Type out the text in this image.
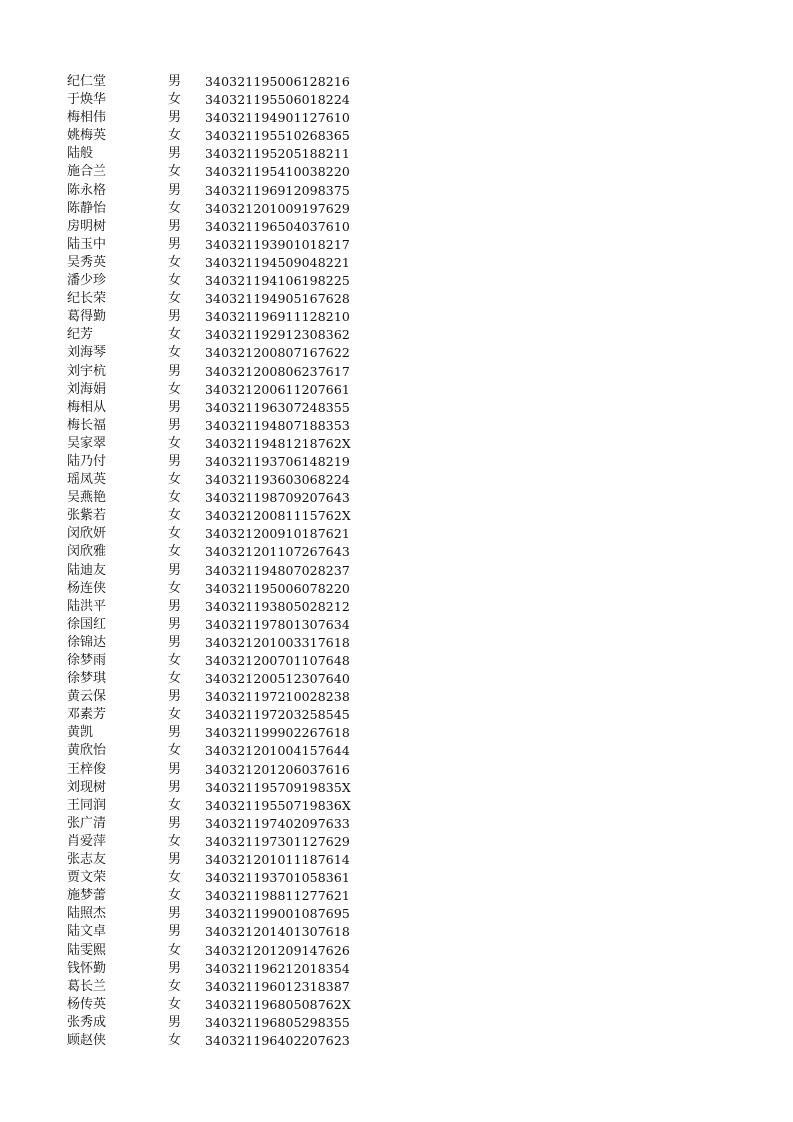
纪仁堂	男 340321195006128216
于焕华	女 340321195506018224
梅相伟	男 340321194901127610
姚梅英	女 340321195510268365
陆般	男 340321195205188211
施合兰	女 340321195410038220
陈永格	男 340321196912098375
陈静怡	女 340321201009197629
房明树	男 340321196504037610
陆玉中	男 340321193901018217
吴秀英	女 340321194509048221
潘少珍	女 340321194106198225
纪长荣	女 340321194905167628
葛得勤	男 340321196911128210
纪芳	女 340321192912308362
刘海琴	女 340321200807167622
刘宇杭	男 340321200806237617
刘海娟	女 340321200611207661
梅相从	男 340321196307248355
梅长福	男 340321194807188353
吴家翠	女 34032119481218762X
陆乃付	男 340321193706148219
瑶凤英	女 340321193603068224
吴燕艳	女 340321198709207643
张紫若	女 34032120081115762X
闵欣妍	女 340321200910187621
闵欣雅	女 340321201107267643
陆迪友	男 340321194807028237
杨连侠	女 340321195006078220
陆洪平	男 340321193805028212
徐国红	男 340321197801307634
徐锦达	男 340321201003317618
徐梦雨	女 340321200701107648
徐梦琪	女 340321200512307640
黄云保	男 340321197210028238
邓素芳	女 340321197203258545
黄凯	男 340321199902267618
黄欣怡	女 340321201004157644
王梓俊	男 340321201206037616
刘现树	男 34032119570919835X
王同润	女 34032119550719836X
张广清	男 340321197402097633
肖爱萍	女 340321197301127629
张志友	男 340321201011187614
贾文荣	女 340321193701058361
施梦蕾	女 340321198811277621
陆照杰	男 340321199001087695
陆文卓	男 340321201401307618
陆雯熙	女 340321201209147626
钱怀勤	男 340321196212018354
葛长兰	女 340321196012318387
杨传英	女 34032119680508762X
张秀成	男 340321196805298355
顾赵侠	女 340321196402207623
